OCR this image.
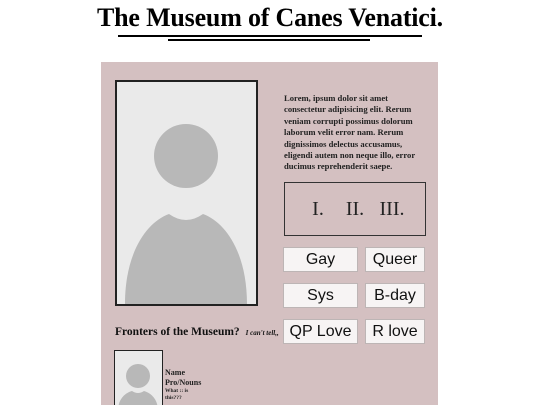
The Museum of Canes Venatici.
Lorem, ipsum dolor sit amet consectetur adipisicing elit. Rerum veniam corrupti possimus dolorum laborum velit error nam. Rerum dignissimos delectus accusamus, eligendi autem non neque illo, error ducimus reprehenderit saepe.
I.	II. III.
Gay	Queer
Sys	B-day
QP Love	R love
Fronters of the Museum? I can't tell,,
Name
Pro/Nouns
What :: is
this???
